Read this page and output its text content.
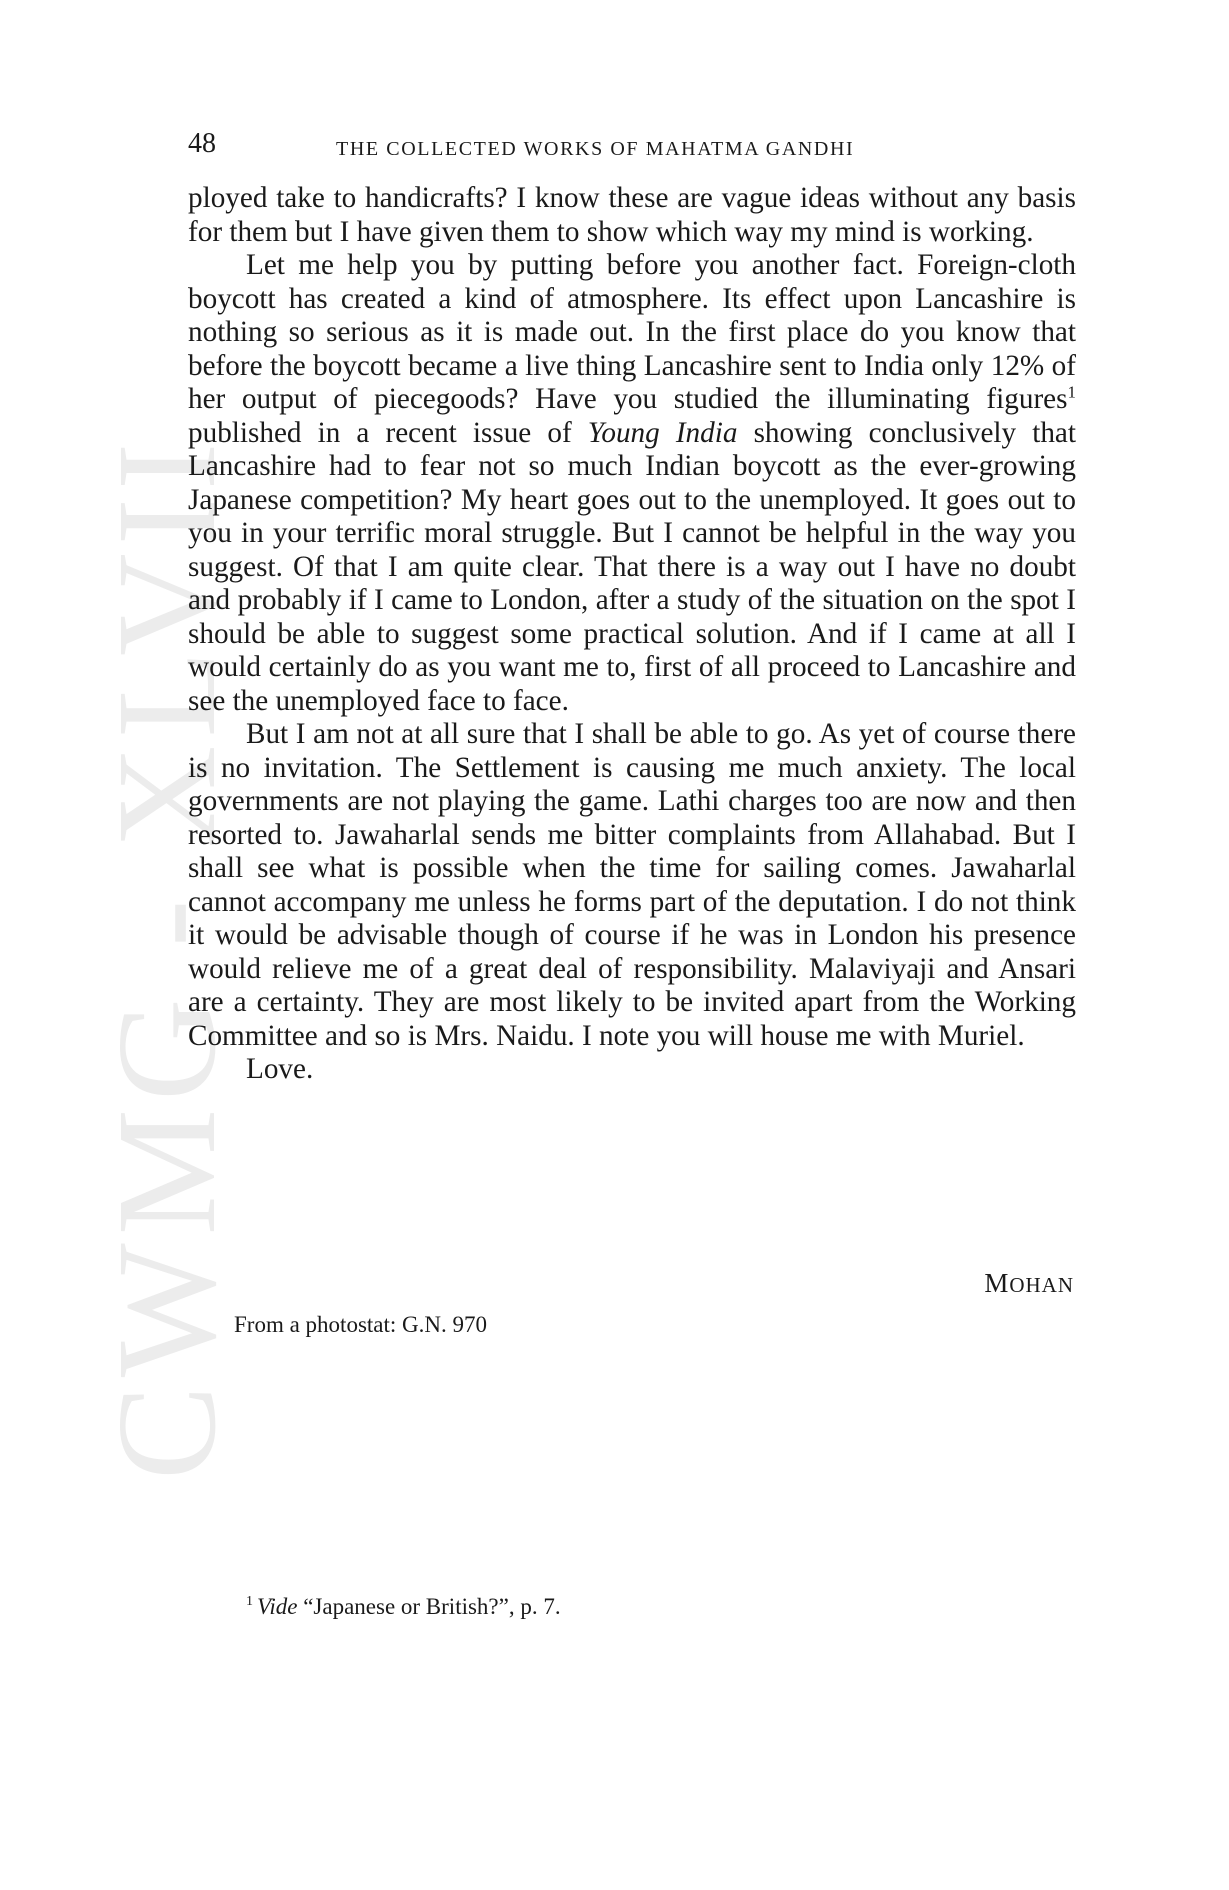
CWMG - XLVII
48	THE COLLECTED WORKS OF MAHATMA GANDHI

ployed take to handicrafts? I know these are vague ideas without any basis for them but I have given them to show which way my mind is working.

Let me help you by putting before you another fact. Foreign-cloth boycott has created a kind of atmosphere. Its effect upon Lancashire is nothing so serious as it is made out. In the first place do you know that before the boycott became a live thing Lancashire sent to India only 12% of her output of piecegoods? Have you studied the illuminating figures$^1$ published in a recent issue of Young India showing conclusively that Lancashire had to fear not so much Indian boycott as the ever-growing Japanese competition? My heart goes out to the unemployed. It goes out to you in your terrific moral struggle. But I cannot be helpful in the way you suggest. Of that I am quite clear. That there is a way out I have no doubt and probably if I came to London, after a study of the situation on the spot I should be able to suggest some practical solution. And if I came at all I would certainly do as you want me to, first of all proceed to Lancashire and see the unemployed face to face.

But I am not at all sure that I shall be able to go. As yet of course there is no invitation. The Settlement is causing me much anxiety. The local governments are not playing the game. Lathi charges too are now and then resorted to. Jawaharlal sends me bitter complaints from Allahabad. But I shall see what is possible when the time for sailing comes. Jawaharlal cannot accompany me unless he forms part of the deputation. I do not think it would be advisable though of course if he was in London his presence would relieve me of a great deal of responsibility. Malaviyaji and Ansari are a certainty. They are most likely to be invited apart from the Working Committee and so is Mrs. Naidu. I note you will house me with Muriel.

Love.

MOHAN
From a photostat: G.N. 970
$^1$ Vide “Japanese or British?”, p. 7.
